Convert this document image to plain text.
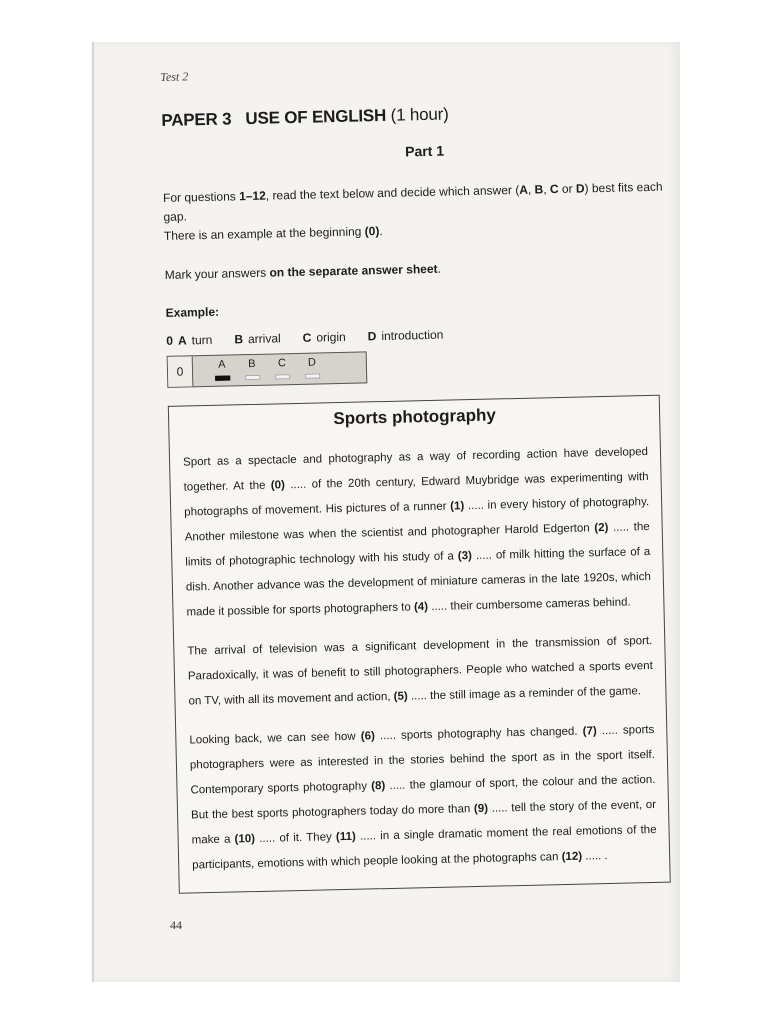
Test 2
PAPER 3 USE OF ENGLISH (1 hour)
Part 1
For questions 1–12, read the text below and decide which answer (A, B, C or D) best fits each gap.
There is an example at the beginning (0).
Mark your answers on the separate answer sheet.
Example:
0 A turn B arrival C origin D introduction
0	A B C D
Sports photography

Sport as a spectacle and photography as a way of recording action have developed together. At the (0) ..... of the 20th century, Edward Muybridge was experimenting with photographs of movement. His pictures of a runner (1) ..... in every history of photography. Another milestone was when the scientist and photographer Harold Edgerton (2) ..... the limits of photographic technology with his study of a (3) ..... of milk hitting the surface of a dish. Another advance was the development of miniature cameras in the late 1920s, which made it possible for sports photographers to (4) ..... their cumbersome cameras behind.

The arrival of television was a significant development in the transmission of sport. Paradoxically, it was of benefit to still photographers. People who watched a sports event on TV, with all its movement and action, (5) ..... the still image as a reminder of the game.

Looking back, we can see how (6) ..... sports photography has changed. (7) ..... sports photographers were as interested in the stories behind the sport as in the sport itself. Contemporary sports photography (8) ..... the glamour of sport, the colour and the action. But the best sports photographers today do more than (9) ..... tell the story of the event, or make a (10) ..... of it. They (11) ..... in a single dramatic moment the real emotions of the participants, emotions with which people looking at the photographs can (12) ..... .

44
